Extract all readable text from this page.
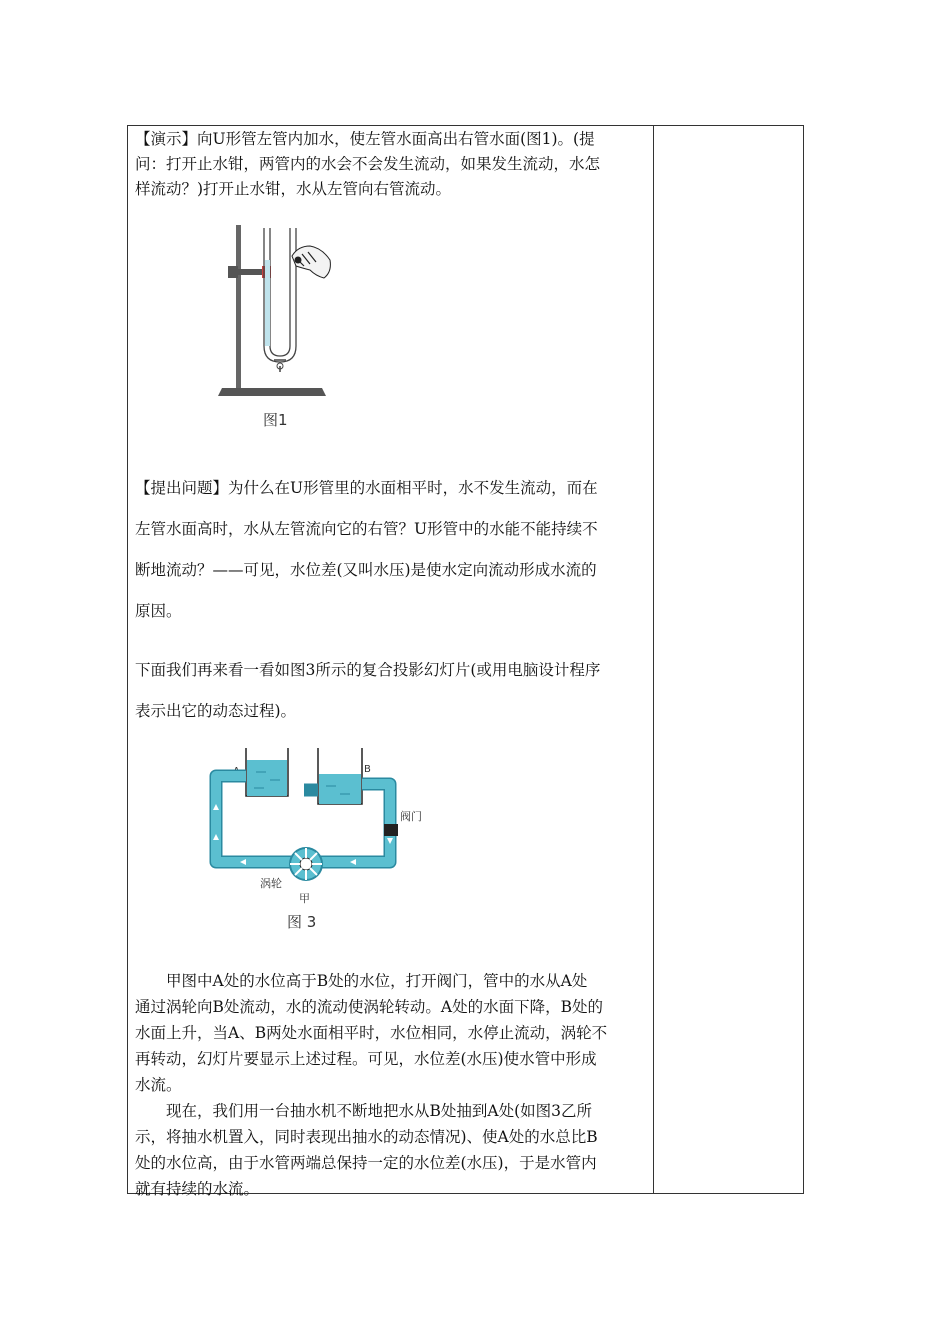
【演示】向U形管左管内加水，使左管水面高出右管水面(图1)。(提

问：打开止水钳，两管内的水会不会发生流动，如果发生流动，水怎

样流动？)打开止水钳，水从左管向右管流动。

图1

【提出问题】为什么在U形管里的水面相平时，水不发生流动，而在

左管水面高时，水从左管流向它的右管？U形管中的水能不能持续不

断地流动？——可见，水位差(又叫水压)是使水定向流动形成水流的

原因。

下面我们再来看一看如图3所示的复合投影幻灯片(或用电脑设计程序

表示出它的动态过程)。

A	B
阀门
涡轮
甲
图 3

甲图中A处的水位高于B处的水位，打开阀门，管中的水从A处

通过涡轮向B处流动，水的流动使涡轮转动。A处的水面下降，B处的

水面上升，当A、B两处水面相平时，水位相同，水停止流动，涡轮不

再转动，幻灯片要显示上述过程。可见，水位差(水压)使水管中形成

水流。

现在，我们用一台抽水机不断地把水从B处抽到A处(如图3乙所

示，将抽水机置入，同时表现出抽水的动态情况)、使A处的水总比B

处的水位高，由于水管两端总保持一定的水位差(水压)，于是水管内

就有持续的水流。
